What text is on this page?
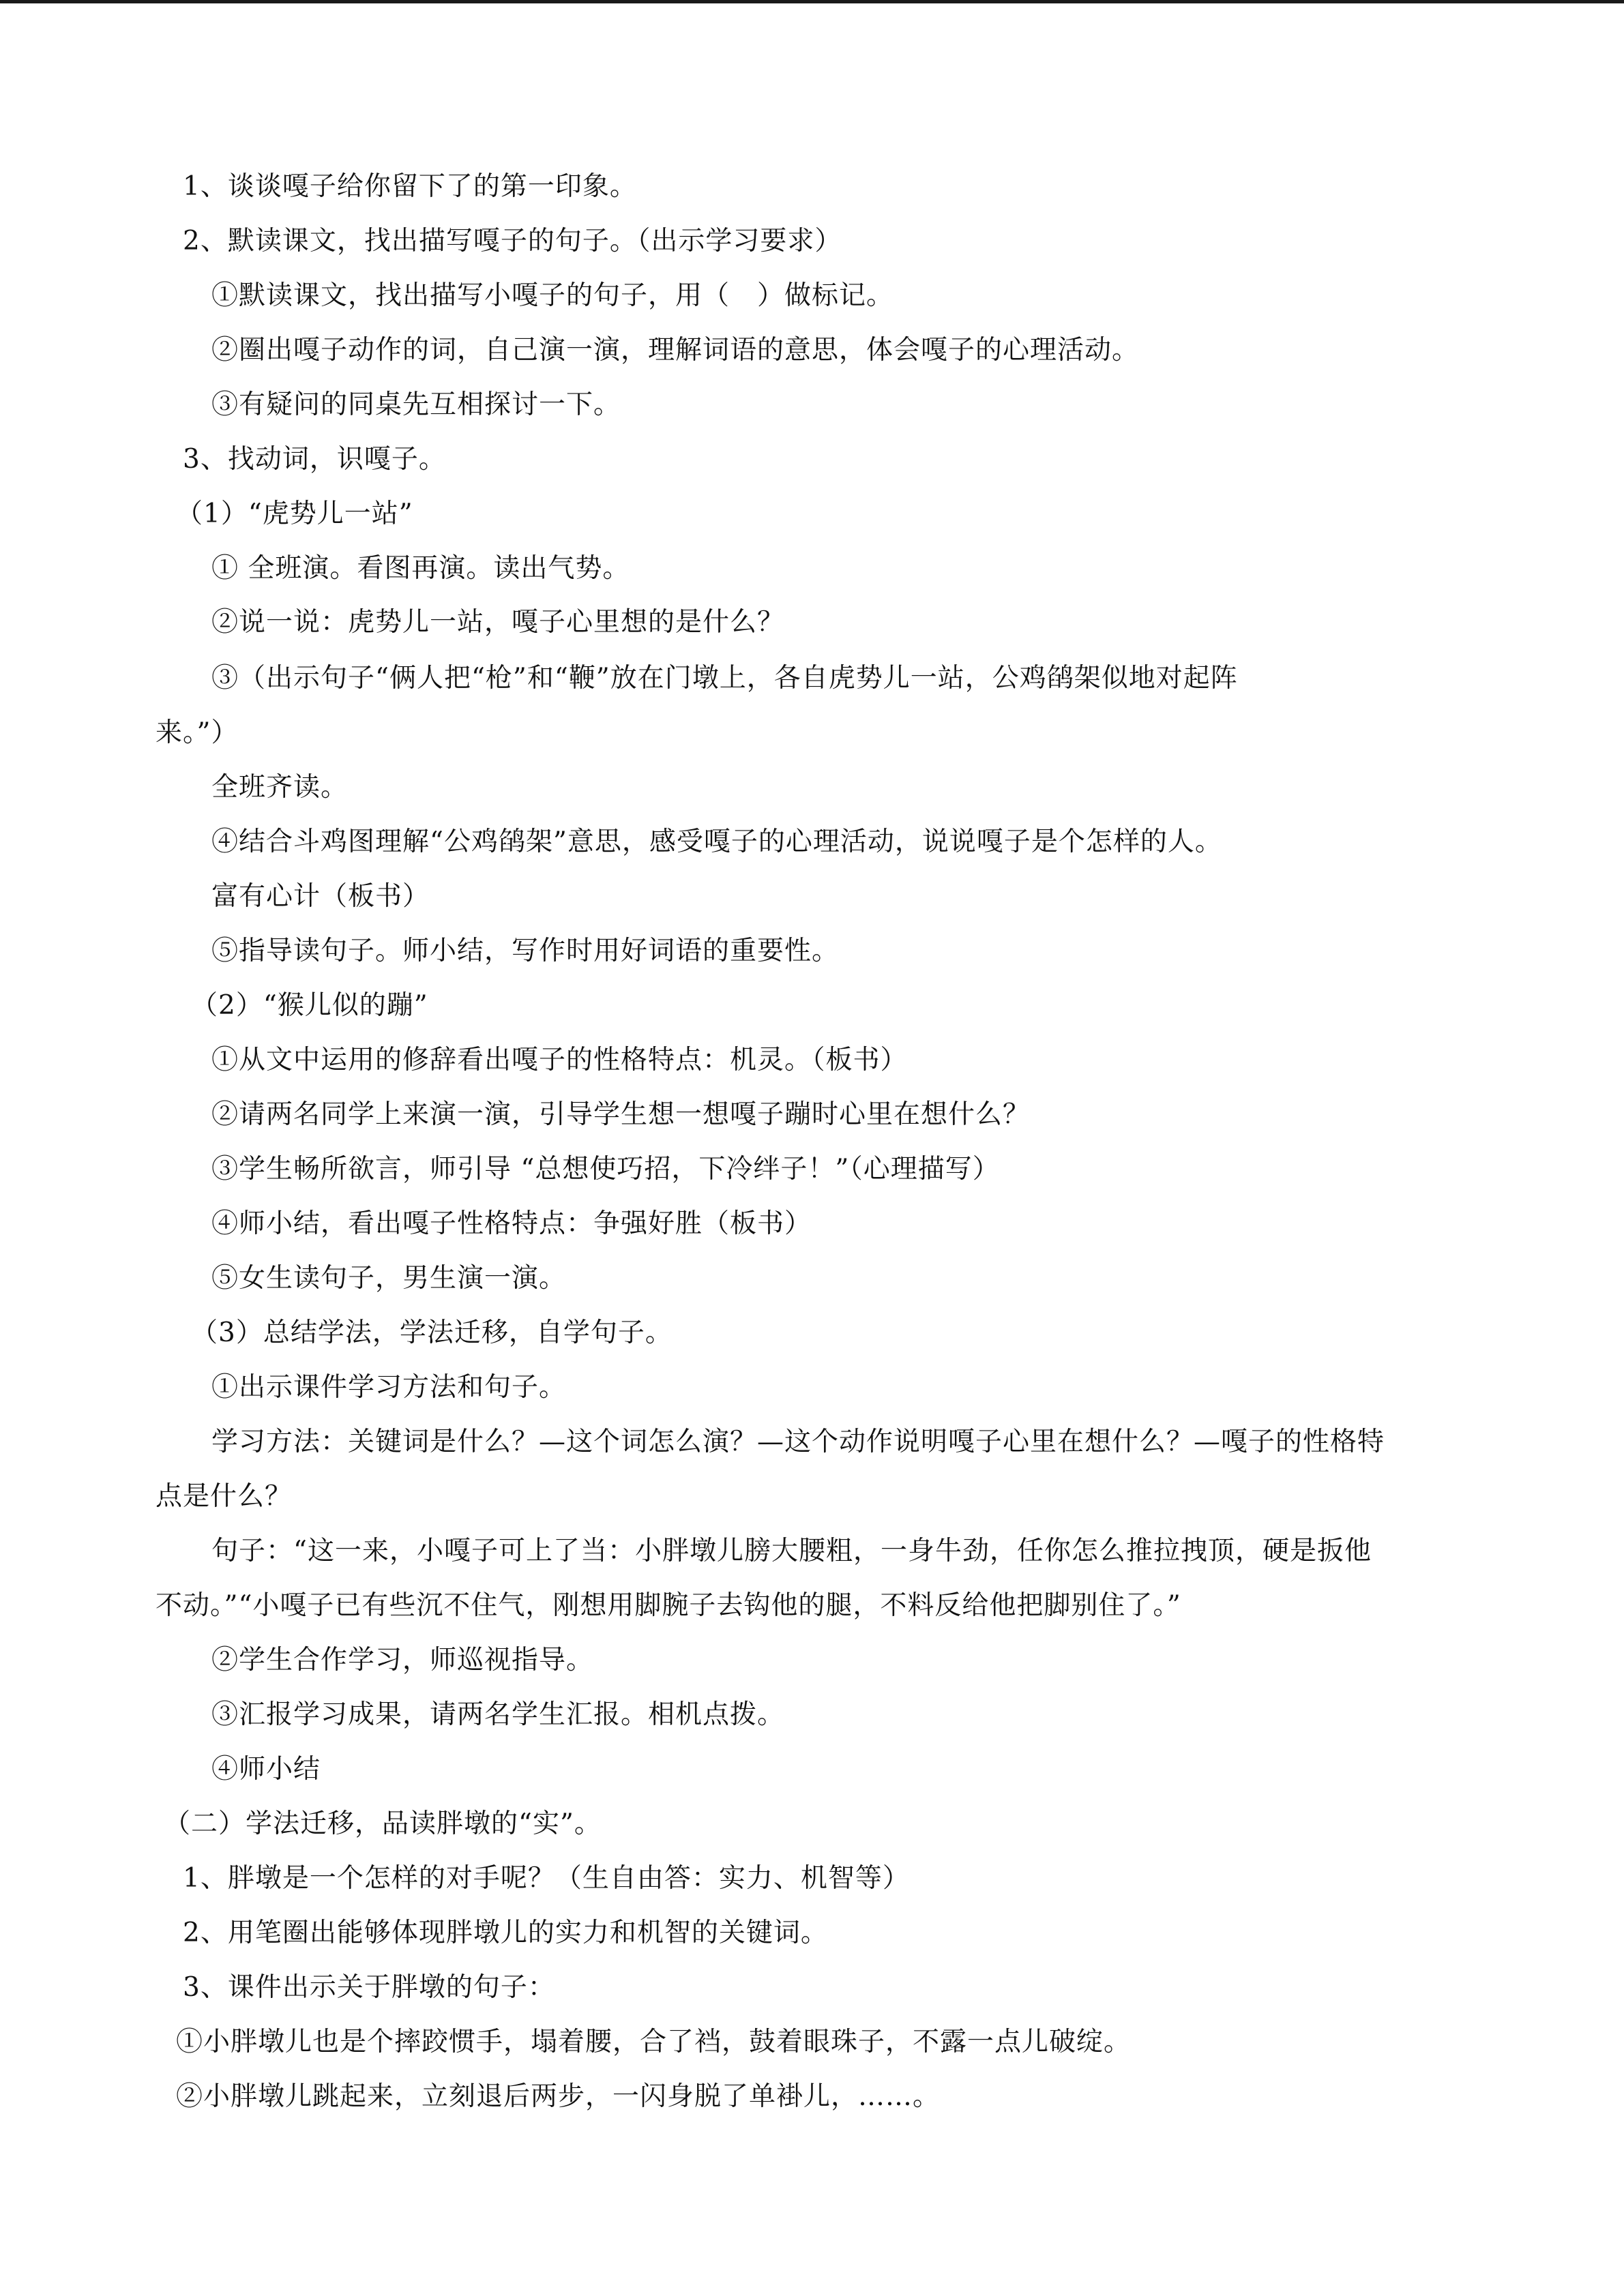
1、谈谈嘎子给你留下了的第一印象。
2、默读课文，找出描写嘎子的句子。（出示学习要求）
①默读课文，找出描写小嘎子的句子，用（　）做标记。
②圈出嘎子动作的词，自己演一演，理解词语的意思，体会嘎子的心理活动。
③有疑问的同桌先互相探讨一下。
3、找动词，识嘎子。
（1）“虎势儿一站”
① 全班演。看图再演。读出气势。
②说一说：虎势儿一站，嘎子心里想的是什么？
③（出示句子“俩人把“枪”和“鞭”放在门墩上，各自虎势儿一站，公鸡鹐架似地对起阵
来。”）
全班齐读。
④结合斗鸡图理解“公鸡鹐架”意思，感受嘎子的心理活动，说说嘎子是个怎样的人。
富有心计（板书）
⑤指导读句子。师小结，写作时用好词语的重要性。
（2）“猴儿似的蹦”
①从文中运用的修辞看出嘎子的性格特点：机灵。（板书）
②请两名同学上来演一演，引导学生想一想嘎子蹦时心里在想什么？
③学生畅所欲言，师引导 “总想使巧招，下冷绊子！”（心理描写）
④师小结，看出嘎子性格特点：争强好胜（板书）
⑤女生读句子，男生演一演。
（3）总结学法，学法迁移，自学句子。
①出示课件学习方法和句子。
学习方法：关键词是什么？—这个词怎么演？—这个动作说明嘎子心里在想什么？—嘎子的性格特
点是什么？
句子：“这一来，小嘎子可上了当：小胖墩儿膀大腰粗，一身牛劲，任你怎么推拉拽顶，硬是扳他
不动。”“小嘎子已有些沉不住气，刚想用脚腕子去钩他的腿，不料反给他把脚别住了。”
②学生合作学习，师巡视指导。
③汇报学习成果，请两名学生汇报。相机点拨。
④师小结
（二）学法迁移，品读胖墩的“实”。
1、胖墩是一个怎样的对手呢？（生自由答：实力、机智等）
2、用笔圈出能够体现胖墩儿的实力和机智的关键词。
3、课件出示关于胖墩的句子：
①小胖墩儿也是个摔跤惯手，塌着腰，合了裆，鼓着眼珠子，不露一点儿破绽。
②小胖墩儿跳起来，立刻退后两步，一闪身脱了单褂儿，……。
